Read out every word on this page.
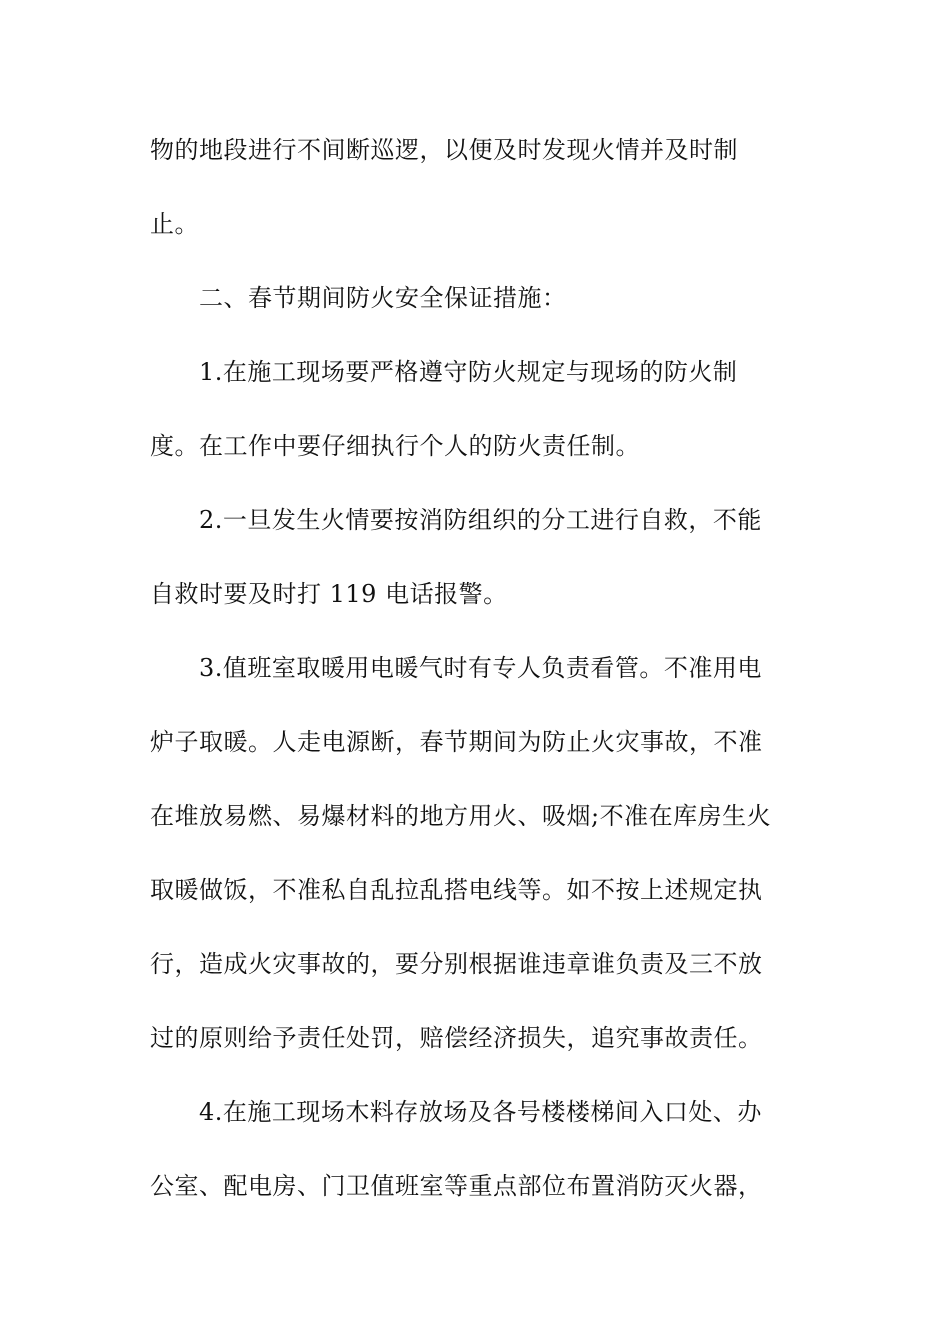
物的地段进行不间断巡逻，以便及时发现火情并及时制
止。
二、春节期间防火安全保证措施：
1.在施工现场要严格遵守防火规定与现场的防火制
度。在工作中要仔细执行个人的防火责任制。
2.一旦发生火情要按消防组织的分工进行自救，不能
自救时要及时打 119 电话报警。
3.值班室取暖用电暖气时有专人负责看管。不准用电
炉子取暖。人走电源断，春节期间为防止火灾事故，不准
在堆放易燃、易爆材料的地方用火、吸烟;不准在库房生火
取暖做饭，不准私自乱拉乱搭电线等。如不按上述规定执
行，造成火灾事故的，要分别根据谁违章谁负责及三不放
过的原则给予责任处罚，赔偿经济损失，追究事故责任。
4.在施工现场木料存放场及各号楼楼梯间入口处、办
公室、配电房、门卫值班室等重点部位布置消防灭火器，
